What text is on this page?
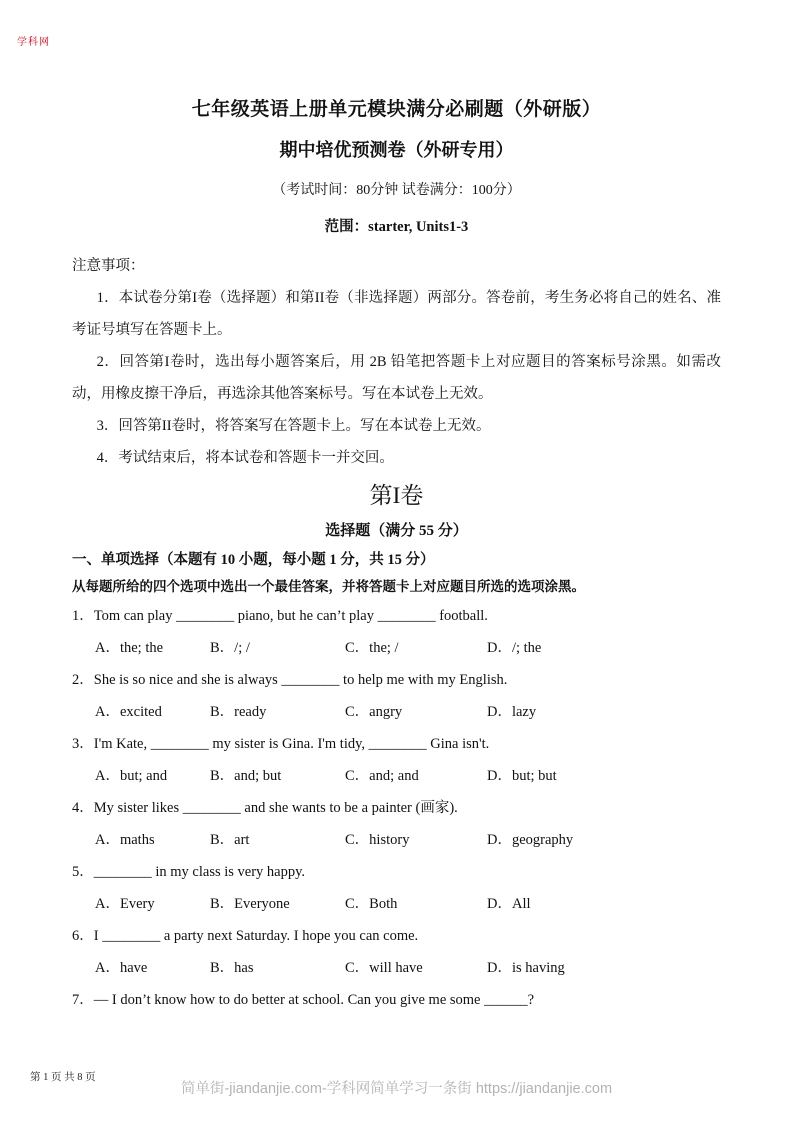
学科网
七年级英语上册单元模块满分必刷题（外研版）
期中培优预测卷（外研专用）
（考试时间：80分钟 试卷满分：100分）
范围：starter, Units1-3
注意事项：

1．本试卷分第I卷（选择题）和第II卷（非选择题）两部分。答卷前，考生务必将自己的姓名、准考证号填写在答题卡上。

2．回答第I卷时，选出每小题答案后，用 2B 铅笔把答题卡上对应题目的答案标号涂黑。如需改动，用橡皮擦干净后，再选涂其他答案标号。写在本试卷上无效。

3．回答第II卷时，将答案写在答题卡上。写在本试卷上无效。

4．考试结束后，将本试卷和答题卡一并交回。

第I卷
选择题（满分 55 分）
一、单项选择（本题有 10 小题，每小题 1 分，共 15 分）
从每题所给的四个选项中选出一个最佳答案，并将答题卡上对应题目所选的选项涂黑。
1．Tom can play ________ piano, but he can’t play ________ football.
A．the; the	B．/; /	C．the; /	D．/; the
2．She is so nice and she is always ________ to help me with my English.
A．excited	B．ready	C．angry	D．lazy
3．I'm Kate, ________ my sister is Gina. I'm tidy, ________ Gina isn't.
A．but; and	B．and; but	C．and; and	D．but; but
4．My sister likes ________ and she wants to be a painter (画家).
A．maths	B．art	C．history	D．geography
5．________ in my class is very happy.
A．Every	B．Everyone	C．Both	D．All
6．I ________ a party next Saturday. I hope you can come.
A．have	B．has	C．will have	D．is having
7．— I don’t know how to do better at school. Can you give me some ______?
第 1 页 共 8 页
简单街-jiandanjie.com-学科网简单学习一条街 https://jiandanjie.com
